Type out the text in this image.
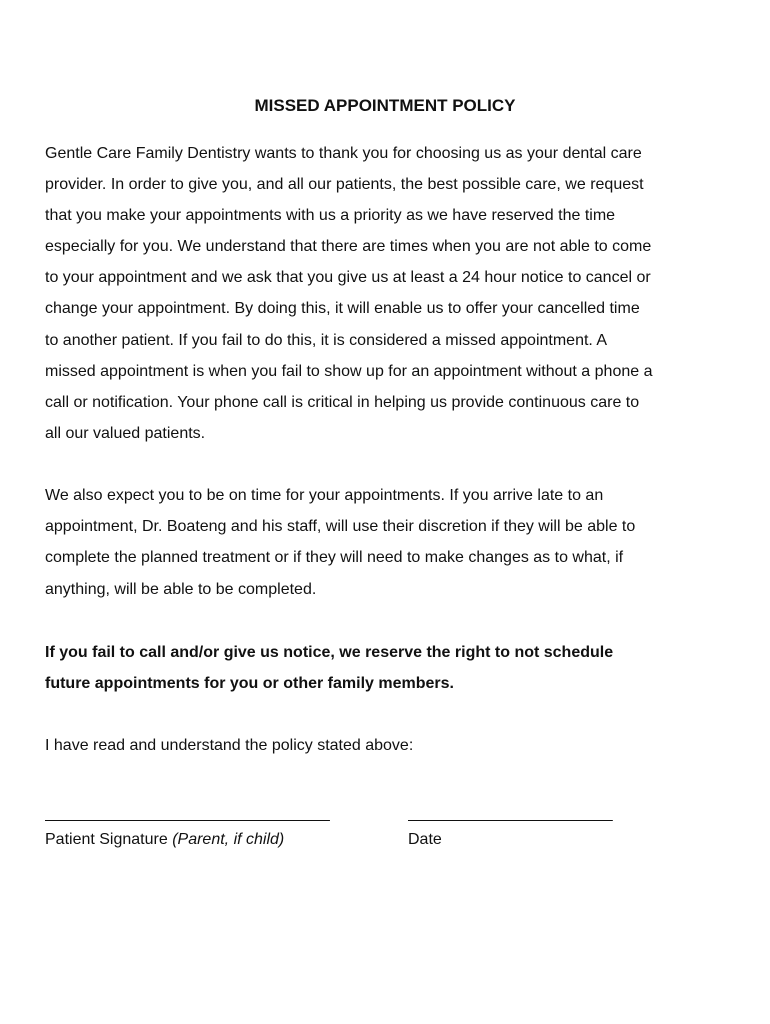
MISSED APPOINTMENT POLICY
Gentle Care Family Dentistry wants to thank you for choosing us as your dental care
provider. In order to give you, and all our patients, the best possible care, we request
that you make your appointments with us a priority as we have reserved the time
especially for you. We understand that there are times when you are not able to come
to your appointment and we ask that you give us at least a 24 hour notice to cancel or
change your appointment. By doing this, it will enable us to offer your cancelled time
to another patient. If you fail to do this, it is considered a missed appointment. A
missed appointment is when you fail to show up for an appointment without a phone a
call or notification. Your phone call is critical in helping us provide continuous care to
all our valued patients.
We also expect you to be on time for your appointments. If you arrive late to an
appointment, Dr. Boateng and his staff, will use their discretion if they will be able to
complete the planned treatment or if they will need to make changes as to what, if
anything, will be able to be completed.
If you fail to call and/or give us notice, we reserve the right to not schedule
future appointments for you or other family members.
I have read and understand the policy stated above:
________________________________	_______________________
Patient Signature (Parent, if child)	Date
